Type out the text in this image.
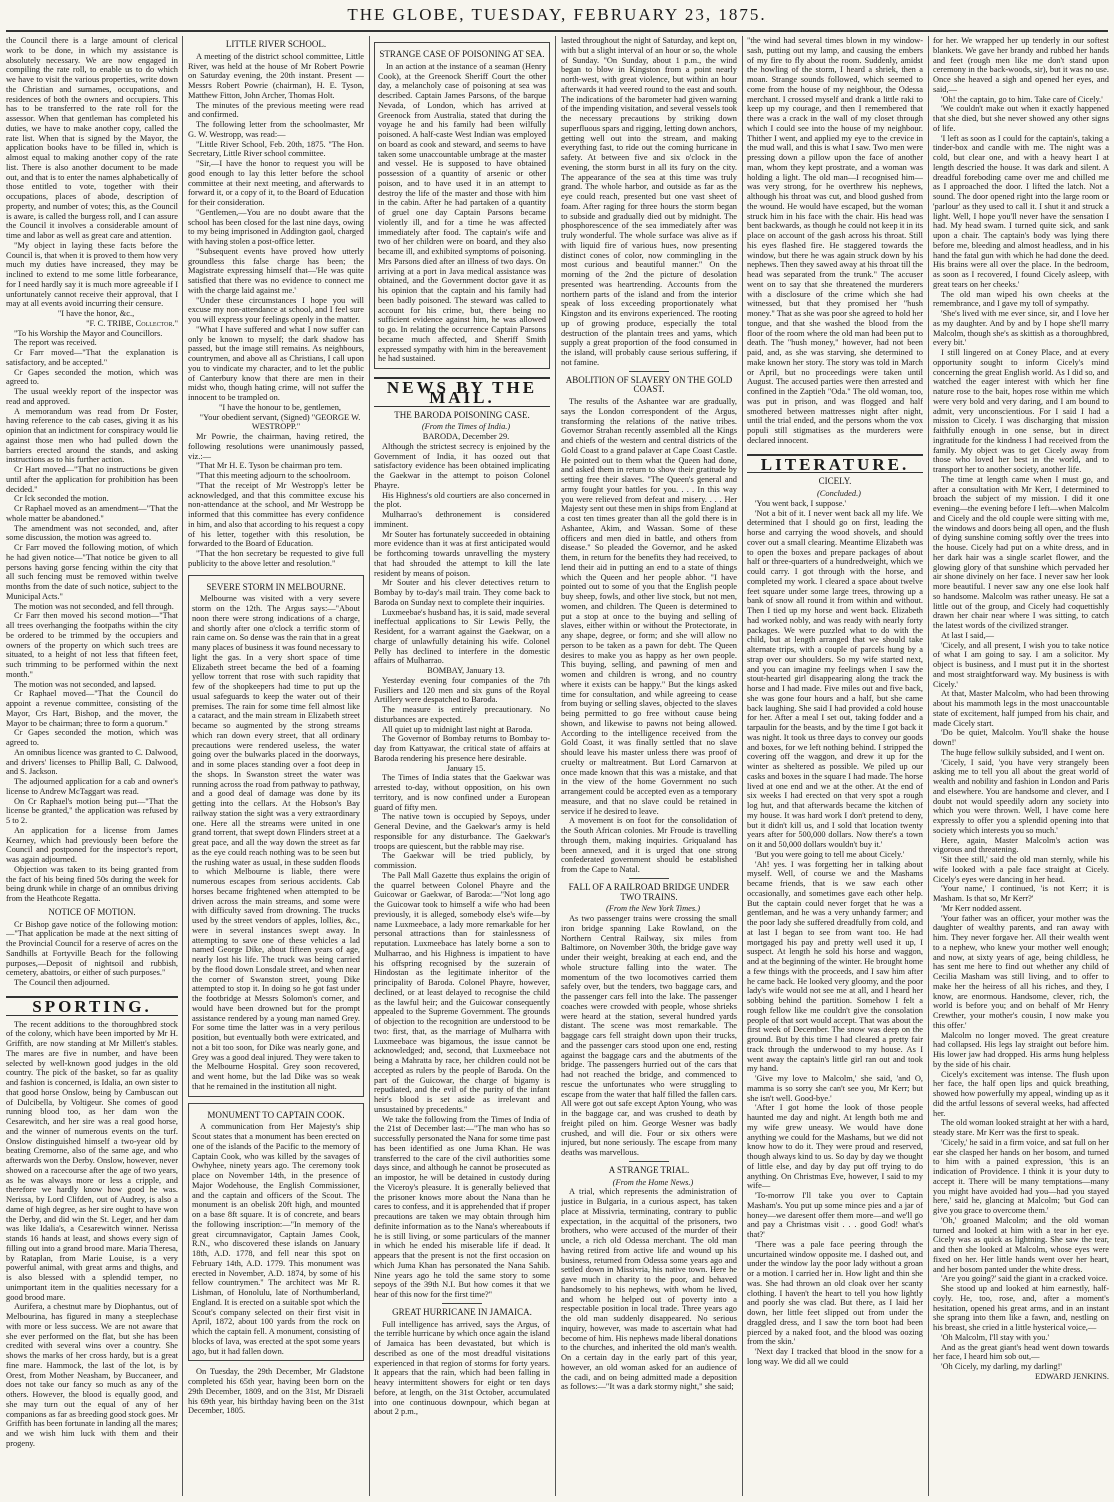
THE GLOBE, TUESDAY, FEBRUARY 23, 1875.

the Council there is a large amount of clerical work to be done, in which my assistance is absolutely necessary. We are now engaged in compiling the rate roll, to enable us to do which we have to visit the various properties, write down the Christian and surnames, occupations, and residences of both the owners and occupiers. This has to be transferred to the rate roll for the assessor. When that gentleman has completed his duties, we have to make another copy, called the rate list. When that is signed by the Mayor, the application books have to be filled in, which is almost equal to making another copy of the rate list. There is also another document to be made out, and that is to enter the names alphabetically of those entitled to vote, together with their occupations, places of abode, description of property, and number of votes; this, as the Council is aware, is called the burgess roll, and I can assure the Council it involves a considerable amount of time and labor as well as great care and attention.

"My object in laying these facts before the Council is, that when it is proved to them how very much my duties have increased, they may be inclined to extend to me some little forbearance, for I need hardly say it is much more agreeable if I unfortunately cannot receive their approval, that I may at all events avoid incurring their censure.

"I have the honor, &c.,

"F. C. TRIBE, Collector."

"To his Worship the Mayor and Councillors.

The report was received.

Cr Farr moved—"That the explanation is satisfactory, and be accepted."

Cr Gapes seconded the motion, which was agreed to.

The usual weekly report of the inspector was read and approved.

A memorandum was read from Dr Foster, having reference to the cab cases, giving it as his opinion that an indictment for conspiracy would lie against those men who had pulled down the barriers erected around the stands, and asking instructions as to his further action.

Cr Hart moved—"That no instructions be given until after the application for prohibition has been decided."

Cr Ick seconded the motion.

Cr Raphael moved as an amendment—"That the whole matter be abandoned."

The amendment was not seconded, and, after some discussion, the motion was agreed to.

Cr Farr moved the following motion, of which he had given notice—"That notice be given to all persons having gorse fencing within the city that all such fencing must be removed within twelve months from the date of such notice, subject to the Municipal Acts."

The motion was not seconded, and fell through.

Cr Farr then moved his second motion—"That all trees overhanging the footpaths within the city be ordered to be trimmed by the occupiers and owners of the property on which such trees are situated, to a height of not less that fifteen feet, such trimming to be performed within the next month."

The motion was not seconded, and lapsed.

Cr Raphael moved—"That the Council do appoint a revenue committee, consisting of the Mayor, Crs Hart, Bishop, and the mover, the Mayor to be chairman; three to form a quorum."

Cr Gapes seconded the motion, which was agreed to.

An omnibus licence was granted to C. Dalwood, and drivers' licenses to Phillip Ball, C. Dalwood, and S. Jackson.

The adjourned application for a cab and owner's license to Andrew McTaggart was read.

On Cr Raphael's motion being put—"That the license be granted," the application was refused by 5 to 2.

An application for a license from James Kearney, which had previously been before the Council and postponed for the inspector's report, was again adjourned.

Objection was taken to its being granted from the fact of his being fined 50s during the week for being drunk while in charge of an omnibus driving from the Heathcote Regatta.

NOTICE OF MOTION.

Cr Bishop gave notice of the following motion:—"That application be made at the next sitting of the Provincial Council for a reserve of acres on the Sandhills at Fortyville Beach for the following purposes,—Deposit of nightsoil and rubbish, cemetery, abattoirs, or either of such purposes."

The Council then adjourned.

SPORTING.

The recent additions to the thoroughbred stock of the colony, which have been imported by Mr H. Griffith, are now standing at Mr Millett's stables. The mares are five in number, and have been selected by well-known good judges in the old country. The pick of the basket, so far as quality and fashion is concerned, is Idalia, an own sister to that good horse Onslow, being by Cambuscan out of Dulcibella, by Voltigeur. She comes of good running blood too, as her dam won the Cesarewitch, and her sire was a real good horse, and the winner of numerous events on the turf. Onslow distinguished himself a two-year old by beating Cremorne, also of the same age, and who afterwards won the Derby. Onslow, however, never showed on a racecourse after the age of two years, as he was always more or less a cripple, and therefore we hardly know how good he was. Nerissa, by Lord Clifden, out of Audrey, is also a dame of high degree, as her sire ought to have won the Derby, and did win the St. Leger, and her dam was like Idalia's, a Cesarewitch winner. Nerissa stands 16 hands at least, and shows every sign of filling out into a grand brood mare. Maria Theresa, by Rataplan, from Marie Louise, is a very powerful animal, with great arms and thighs, and is also blessed with a splendid temper, no unimportant item in the qualities necessary for a good brood mare.

Aurifera, a chestnut mare by Diophantus, out of Melbourina, has figured in many a steeplechase with more or less success. We are not aware that she ever performed on the flat, but she has been credited with several wins over a country. She shows the marks of her cross hardy, but is a great fine mare. Hammock, the last of the lot, is by Orest, from Mother Neasham, by Buccaneer, and does not take our fancy so much as any of the others. However, the blood is equally good, and she may turn out the equal of any of her companions as far as breeding good stock goes. Mr Griffith has been fortunate in landing all the mares; and we wish him luck with them and their progeny.

LITTLE RIVER SCHOOL.

A meeting of the district school committee, Little River, was held at the house of Mr Robert Powrie on Saturday evening, the 20th instant. Present — Messrs Robert Powrie (chairman), H. E. Tyson, Matthew Fitton, John Archer, Thomas Holt.

The minutes of the previous meeting were read and confirmed.

The following letter from the schoolmaster, Mr G. W. Westropp, was read:—

"Little River School, Feb. 20th, 1875. "The Hon. Secretary, Little River school committee.

"Sir,—I have the honor to request you will be good enough to lay this letter before the school committee at their next meeting, and afterwards to forward it, or a copy of it, to the Board of Education for their consideration.

"Gentlemen,—You are no doubt aware that the school has been closed for the last nine days, owing to my being imprisoned in Addington gaol, charged with having stolen a post-office letter.

"Subsequent events have proved how utterly groundless this false charge has been; the Magistrate expressing himself that—'He was quite satisfied that there was no evidence to connect me with the charge laid against me.'

"Under these circumstances I hope you will excuse my non-attendance at school, and I feel sure you will express your feelings openly in the matter.

"What I have suffered and what I now suffer can only be known to myself; the dark shadow has passed, but the image still remains. As neighbours, countrymen, and above all as Christians, I call upon you to vindicate my character, and to let the public of Canterbury know that there are men in their midst who, though hating crime, will not suffer the innocent to be trampled on.

"I have the honour to be, gentlemen,

"Your obedient servant, (Signed) "GEORGE W. WESTROPP."

Mr Powrie, the chairman, having retired, the following resolutions were unanimously passed, viz.:—

"That Mr H. E. Tyson be chairman pro tem.

"That this meeting adjourn to the schoolroom.

"That the receipt of Mr Westropp's letter be acknowledged, and that this committee excuse his non-attendance at the school, and Mr Westropp be informed that this committee has every confidence in him, and also that according to his request a copy of his letter, together with this resolution, be forwarded to the Board of Education.

"That the hon secretary be requested to give full publicity to the above letter and resolution."

SEVERE STORM IN MELBOURNE.

Melbourne was visited with a very severe storm on the 12th. The Argus says:—"About noon there were strong indications of a charge, and shortly after one o'clock a terrific storm of rain came on. So dense was the rain that in a great many places of business it was found necessary to light the gas. In a very short space of time Elizabeth street became the bed of a foaming yellow torrent that rose with such rapidity that few of the shopkeepers had time to put up the usual safeguards to keep the water out of their premises. The rain for some time fell almost like a cataract, and the main stream in Elizabeth street became so augmented by the strong streams which ran down every street, that all ordinary precautions were rendered useless, the water going over the bulwarks placed in the doorways, and in some places standing over a foot deep in the shops. In Swanston street the water was running across the road from pathway to pathway, and a good deal of damage was done by its getting into the cellars. At the Hobson's Bay railway station the sight was a very extraordinary one. Here all the streams were united in one grand torrent, that swept down Flinders street at a great pace, and all the way down the street as far as the eye could reach nothing was to be seen but the rushing water as usual, in these sudden floods to which Melbourne is liable, there were numerous escapes from serious accidents. Cab horses became frightened when attempted to be driven across the main streams, and some were with difficulty saved from drowning. The trucks used by the street vendors of apples, lollies, &c., were in several instances swept away. In attempting to save one of these vehicles a lad named George Dike, about fifteen years of age, nearly lost his life. The truck was being carried by the flood down Lonsdale street, and when near the corner of Swanston street, young Dike attempted to stop it. In doing so he got fast under the footbridge at Messrs Solomon's corner, and would have been drowned but for the prompt assistance rendered by a young man named Grey. For some time the latter was in a very perilous position, but eventually both were extricated, and not a bit too soon, for Dike was nearly gone, and Grey was a good deal injured. They were taken to the Melbourne Hospital. Grey soon recovered, and went home, but the lad Dike was so weak that he remained in the institution all night.

MONUMENT TO CAPTAIN COOK.

A communication from Her Majesty's ship Scout states that a monument has been erected on one of the islands of the Pacific to the memory of Captain Cook, who was killed by the savages of Owhyhee, ninety years ago. The ceremony took place on November 14th, in the presence of Major Wodehouse, the English Commissioner, and the captain and officers of the Scout. The monument is an obelisk 20ft high, and mounted on a base 8ft square. It is of concrete, and bears the following inscription:—"In memory of the great circumnavigator, Captain James Cook, R.N., who discovered these islands on January 18th, A.D. 1778, and fell near this spot on February 14th, A.D. 1779. This monument was erected in November, A.D. 1874, by some of his fellow countrymen." The architect was Mr R. Lishman, of Honolulu, late of Northumberland, England. It is erected on a suitable spot which the Scout's company selected on their first visit in April, 1872, about 100 yards from the rock on which the captain fell. A monument, consisting of blocks of lava, was erected at the spot some years ago, but it had fallen down.

On Tuesday, the 29th December, Mr Gladstone completed his 65th year, having been born on the 29th December, 1809, and on the 31st, Mr Disraeli his 69th year, his birthday having been on the 31st December, 1805.

STRANGE CASE OF POISONING AT SEA.

In an action at the instance of a seaman (Henry Cook), at the Greenock Sheriff Court the other day, a melancholy case of poisoning at sea was described. Captain James Parsons, of the barque Nevada, of London, which has arrived at Greenock from Australia, stated that during the voyage he and his family had been wilfully poisoned. A half-caste West Indian was employed on board as cook and steward, and seems to have taken some unaccountable umbrage at the master and vessel. He is supposed to have obtained possession of a quantity of arsenic or other poison, and to have used it in an attempt to destroy the life of the master and those with him in the cabin. After he had partaken of a quantity of gruel one day Captain Parsons became violently ill, and for a time he was affected immediately after food. The captain's wife and two of her children were on board, and they also became ill, and exhibited symptoms of poisoning. Mrs Parsons died after an illness of two days. On arriving at a port in Java medical assistance was obtained, and the Government doctor gave it as his opinion that the captain and his family had been badly poisoned. The steward was called to account for his crime, but, there being no sufficient evidence against him, he was allowed to go. In relating the occurrence Captain Parsons became much affected, and Sheriff Smith expressed sympathy with him in the bereavement he had sustained.

NEWS BY THE MAIL.
THE BARODA POISONING CASE.

(From the Times of India.)

BARODA, December 29.

Although the strictest secrecy is enjoined by the Government of India, it has oozed out that satisfactory evidence has been obtained implicating the Gaekwar in the attempt to poison Colonel Phayre.

His Highness's old courtiers are also concerned in the plot.

Mulharrao's dethronement is considered imminent.

Mr Souter has fortunately succeeded in obtaining more evidence than it was at first anticipated would be forthcoming towards unravelling the mystery that had shrouded the attempt to kill the late resident by means of poison.

Mr Souter and his clever detectives return to Bombay by to-day's mail train. They come back to Baroda on Sunday next to complete their inquiries.

Luxmeebae's husband has, it is said, made several ineffectual applications to Sir Lewis Pelly, the Resident, for a warrant against the Gaekwar, on a charge of unlawfully detaining his wife. Colonel Pelly has declined to interfere in the domestic affairs of Mulharrao.

BOMBAY, January 13.

Yesterday evening four companies of the 7th Fusiliers and 120 men and six guns of the Royal Artillery were despatched to Baroda.

The measure is entirely precautionary. No disturbances are expected.

All quiet up to midnight last night at Baroda.

The Governor of Bombay returns to Bombay to-day from Kattyawar, the critical state of affairs at Baroda rendering his presence here desirable.

January 15.

The Times of India states that the Gaekwar was arrested to-day, without opposition, on his own territory, and is now confined under a European guard of fifty men.

The native town is occupied by Sepoys, under General Devine, and the Gaekwar's army is held responsible for any disturbance. The Gaekwar's troops are quiescent, but the rabble may rise.

The Gaekwar will be tried publicly, by commission.

The Pall Mall Gazette thus explains the origin of the quarrel between Colonel Phayre and the Guicowar or Gaekwar, of Baroda:—"Not long ago the Guicowar took to himself a wife who had been previously, it is alleged, somebody else's wife—by name Luxmeebace, a lady more remarkable for her personal attractions than for stainlessness of reputation. Luxmeebace has lately borne a son to Mulharrao, and his Highness is impatient to have his offspring recognised by the suzerain of Hindostan as the legitimate inheritor of the principality of Baroda. Colonel Phayre, however, declined, or at least delayed to recognise the child as the lawful heir; and the Guicowar consequently appealed to the Supreme Government. The grounds of objection to the recognition are understood to be two: first, that, as the marriage of Mulharra with Luxmeebace was bigamous, the issue cannot be acknowledged; and, second, that Luxmeebace not being a Mahratta by race, her children could not be accepted as rulers by the people of Baroda. On the part of the Guicowar, the charge of bigamy is repudiated, and the evil of the purity of the infant heir's blood is set aside as irrelevant and unsustained by precedents."

We take the following from the Times of India of the 21st of December last:—"The man who has so successfully personated the Nana for some time past has been identified as one Juma Khan. He was transferred to the care of the civil authorities some days since, and although he cannot be prosecuted as an impostor, he will be detained in custody during the Viceroy's pleasure. It is generally believed that the prisoner knows more about the Nana than he cares to confess, and it is apprehended that if proper precautions are taken we may obtain through him definite information as to the Nana's whereabouts if he is still living, or some particulars of the manner in which he ended his miserable life if dead. It appears that the present is not the first occasion on which Juma Khan has personated the Nana Sahib. Nine years ago he told the same story to some sepoys of the 39th N.I. But how comes it that we hear of this now for the first time?"

GREAT HURRICANE IN JAMAICA.

Full intelligence has arrived, says the Argus, of the terrible hurricane by which once again the island of Jamaica has been devastated, but which is described as one of the most dreadful visitations experienced in that region of storms for forty years. It appears that the rain, which had been falling in heavy intermittent showers for eight or ten days before, at length, on the 31st October, accumulated into one continuous downpour, which began at about 2 p.m.,

lasted throughout the night of Saturday, and kept on, with but a slight interval of an hour or so, the whole of Sunday. "On Sunday, about 1 p.m., the wind began to blow in Kingston from a point nearly north-west, with great violence, but within an hour afterwards it had veered round to the east and south. The indications of the barometer had given warning of the impending visitation, and several vessels took the necessary precautions by striking down superfluous spars and rigging, letting down anchors, getting well out into the stream, and making everything fast, to ride out the coming hurricane in safety. At between five and six o'clock in the evening, the storm burst in all its fury on the city. The appearance of the sea at this time was truly grand. The whole harbor, and outside as far as the eye could reach, presented but one vast sheet of foam. After raging for three hours the storm began to subside and gradually died out by midnight. The phosphorescence of the sea immediately after was truly wonderful. The whole surface was alive as if with liquid fire of various hues, now presenting distinct cones of color, now commingling in the most curious and beautiful manner." On the morning of the 2nd the picture of desolation presented was heartrending. Accounts from the northern parts of the island and from the interior speak of loss exceeding proportionately what Kingston and its environs experienced. The rooting up of growing produce, especially the total destruction of the plantain trees and yams, which supply a great proportion of the food consumed in the island, will probably cause serious suffering, if not famine.

ABOLITION OF SLAVERY ON THE GOLD COAST.

The results of the Ashantee war are gradually, says the London correspondent of the Argus, transforming the relations of the native tribes. Governor Strahan recently assembled all the Kings and chiefs of the western and central districts of the Gold Coast to a grand palaver at Cape Coast Castle. He pointed out to them what the Queen had done, and asked them in return to show their gratitude by setting free their slaves. "The Queen's general and army fought your battles for you. . . . In this way you were relieved from defeat and misery. . . . Her Majesty sent out these men in ships from England at a cost ten times greater than all the gold there is in Ashantee, Akim, and Wassan. Some of these officers and men died in battle, and others from disease." So pleaded the Governor, and he asked them, in return for the benefits they had received, to lend their aid in putting an end to a state of things which the Queen and her people abhor. "I have pointed out to some of you that the English people buy sheep, fowls, and other live stock, but not men, women, and children. The Queen is determined to put a stop at once to the buying and selling of slaves, either within or without the Protectorate, in any shape, degree, or form; and she will allow no person to be taken as a pawn for debt. The Queen desires to make you as happy as her own people. This buying, selling, and pawning of men and women and children is wrong, and no country where it exists can be happy." But the kings asked time for consultation, and while agreeing to cease from buying or selling slaves, objected to the slaves being permitted to go free without cause being shown, and likewise to pawns not being allowed. According to the intelligence received from the Gold Coast, it was finally settled that no slave should leave his master unless there was proof of cruelty or maltreatment. But Lord Carnarvon at once made known that this was a mistake, and that in the view of the home Government no such arrangement could be accepted even as a temporary measure, and that no slave could be retained in service if he desired to leave.

A movement is on foot for the consolidation of the South African colonies. Mr Froude is travelling through them, making inquiries. Griqualand has been annexed, and it is urged that one strong confederated government should be established from the Cape to Natal.

FALL OF A RAILROAD BRIDGE UNDER TWO TRAINS.

(From the New York Times.)

As two passenger trains were crossing the small iron bridge spanning Lake Rowland, on the Northern Central Railway, six miles from Baltimore, on November 30th, the bridge gave way under their weight, breaking at each end, and the whole structure falling into the water. The momentum of the two locomotives carried them safely over, but the tenders, two baggage cars, and the passenger cars fell into the lake. The passenger coaches were crowded with people, whose shrieks were heard at the station, several hundred yards distant. The scene was most remarkable. The baggage cars fell straight down upon their trucks, and the passenger cars stood upon one end, resting against the baggage cars and the abutments of the bridge. The passengers hurried out of the cars that had not reached the bridge, and commenced to rescue the unfortunates who were struggling to escape from the water that half filled the fallen cars. All were got out safe except Apton Young, who was in the baggage car, and was crushed to death by freight piled on him. George Wesner was badly crushed, and will die. Four or six others were injured, but none seriously. The escape from many deaths was marvellous.

A STRANGE TRIAL.

(From the Home News.)

A trial, which represents the administration of justice in Bulgaria, in a curious aspect, has taken place at Missivria, terminating, contrary to public expectation, in the acquittal of the prisoners, two brothers, who were accused of the murder of their uncle, a rich old Odessa merchant. The old man having retired from active life and wound up his business, returned from Odessa some years ago and settled down in Missivria, his native town. Here he gave much in charity to the poor, and behaved handsomely to his nephews, with whom he lived, and whom he helped out of poverty into a respectable position in local trade. Three years ago the old man suddenly disappeared. No serious inquiry, however, was made to ascertain what had become of him. His nephews made liberal donations to the churches, and inherited the old man's wealth. On a certain day in the early part of this year, however, an old woman asked for an audience of the cadi, and on being admitted made a deposition as follows:—"It was a dark stormy night," she said;

"the wind had several times blown in my window-sash, putting out my lamp, and causing the embers of my fire to fly about the room. Suddenly, amidst the howling of the storm, I heard a shriek, then a moan. Strange sounds followed, which seemed to come from the house of my neighbour, the Odessa merchant. I crossed myself and drank a little raki to keep up my courage, and then I remembered that there was a crack in the wall of my closet through which I could see into the house of my neighbour. Thither I went, and applied my eye to the crevice in the mud wall, and this is what I saw. Two men were pressing down a pillow upon the face of another man, whom they kept prostrate, and a woman was holding a light. The old man—I recognised him—was very strong, for he overthrew his nephews, although his throat was cut, and blood gushed from the wound. He would have escaped, but the woman struck him in his face with the chair. His head was bent backwards, as though he could not keep it in its place on account of the gash across his throat. Still his eyes flashed fire. He staggered towards the window, but there he was again struck down by his nephews. Then they sawed away at his throat till the head was separated from the trunk." The accuser went on to say that she threatened the murderers with a disclosure of the crime which she had witnessed, but that they promised her "hush money." That as she was poor she agreed to hold her tongue, and that she washed the blood from the floor of the room where the old man had been put to death. The "hush money," however, had not been paid, and, as she was starving, she determined to make known her story. The story was told in March or April, but no proceedings were taken until August. The accused parties were then arrested and confined in the Zaptieh "Oda." The old woman, too, was put in prison, and was flogged and half smothered between mattresses night after night, until the trial ended, and the persons whom the vox populi still stigmatises as the murderers were declared innocent.

LITERATURE.
CICELY.

(Concluded.)

'You went back, I suppose.'

'Not a bit of it. I never went back all my life. We determined that I should go on first, leading the horse and carrying the wood shovels, and should cover out a small clearing. Meantime Elizabeth was to open the boxes and prepare packages of about half or three-quarters of a hundredweight, which we could carry. I got through with the horse, and completed my work. I cleared a space about twelve feet square under some large trees, throwing up a bank of snow all round it from within and without. Then I tied up my horse and went back. Elizabeth had worked nobly, and was ready with nearly forty packages. We were puzzled what to do with the child, but at length arranged that we should take alternate trips, with a couple of parcels hung by a strap over our shoulders. So my wife started next, and you can imagine my feelings when I saw the stout-hearted girl disappearing along the track the horse and I had made. Five miles out and five back, she was gone four hours and a half, but she came back laughing. She said I had provided a cold house for her. After a meal I set out, taking fodder and a tarpaulin for the beasts, and by the time I got back it was night. It took us three days to convey our goods and boxes, for we left nothing behind. I stripped the covering off the waggon, and drew it up for the winter as sheltered as possible. We piled up our casks and boxes in the square I had made. The horse lived at one end and we at the other. At the end of six weeks I had erected on that very spot a rough log hut, and that afterwards became the kitchen of my house. It was hard work I don't pretend to deny, but it didn't kill us, and I sold that location twenty years after for 500,000 dollars. Now there's a town on it and 50,000 dollars wouldn't buy it.'

'But you were going to tell me about Cicely.'

'Ah! yes. I was forgetting her in talking about myself. Well, of course we and the Mashams became friends, that is we saw each other occasionally, and sometimes gave each other help. But the captain could never forget that he was a gentleman, and he was a very unhandy farmer; and the poor lady she suffered dreadfully from cold, and at last I began to see from want too. He had mortgaged his pay and pretty well used it up, I suspect. At length he sold his horse and waggon, and at the beginning of the winter. He brought home a few things with the proceeds, and I saw him after he came back. He looked very gloomy, and the poor lady's wife would not see me at all, and I heard her sobbing behind the partition. Somehow I felt a rough fellow like me couldn't give the consolation people of that sort would accept. That was about the first week of December. The snow was deep on the ground. But by this time I had cleared a pretty fair track through the underwood to my house. As I went away the captain's little girl ran out and took my hand.

'Give my love to Malcolm,' she said, 'and O, mamma is so sorry she can't see you, Mr Kerr; but she isn't well. Good-bye.'

'After I got home the look of those people haunted me day and night. At length both me and my wife grew uneasy. We would have done anything we could for the Mashams, but we did not know how to do it. They were proud and reserved, though always kind to us. So day by day we thought of little else, and day by day put off trying to do anything. On Christmas Eve, however, I said to my wife—

'To-morrow I'll take you over to Captain Masham's. You put up some mince pies and a jar of honey—we daresent offer them more—and we'll go and pay a Christmas visit . . . good God! what's that?'

'There was a pale face peering through the uncurtained window opposite me. I dashed out, and under the window lay the poor lady without a groan or a motion. I carried her in. How light and thin she was. She had thrown an old cloak over her scanty clothing. I haven't the heart to tell you how lightly and poorly she was clad. But there, as I laid her down, her little feet slipped out from under the draggled dress, and I saw the torn boot had been pierced by a naked foot, and the blood was oozing from the skin.'

'Next day I tracked that blood in the snow for a long way. We did all we could

for her. We wrapped her up tenderly in our softest blankets. We gave her brandy and rubbed her hands and feet (rough men like me don't stand upon ceremony in the back-woods, sir), but it was no use. Once she heaved a sigh and opened her eyes, and said,—

'Oh! the captain, go to him. Take care of Cicely.'

'We couldn't make out when it exactly happened that she died, but she never showed any other signs of life.

'I left as soon as I could for the captain's, taking a tinder-box and candle with me. The night was a cold, but clear one, and with a heavy heart I at length descried the house. It was dark and silent. A dreadful foreboding came over me and chilled me as I approached the door. I lifted the latch. Not a sound. The door opened right into the large room or 'parlour' as they used to call it. I shut it and struck a light. Well, I hope you'll never have the sensation I had. My head swam. I turned quite sick, and sank upon a chair. The captain's body was lying there before me, bleeding and almost headless, and in his hand the fatal gun with which he had done the deed. His brains were all over the place. In the bedroom, as soon as I recovered, I found Cicely asleep, with great tears on her cheeks.'

The old man wiped his own cheeks at the remembrance, and I gave my toll of sympathy.

'She's lived with me ever since, sir, and I love her as my daughter. And by and by I hope she'll marry Malcolm, though she's as skittish as a thoroughbred, every bit.'

I still lingered on at Coney Place, and at every opportunity sought to inform Cicely's mind concerning the great English world. As I did so, and watched the eager interest with which her fine nature rose to the bait, hopes rose within me which were very bold and very daring, and I am bound to admit, very unconscientious. For I said I had a mission to Cicely. I was discharging that mission faithfully enough in one sense, but in direct ingratitude for the kindness I had received from the family. My object was to get Cicely away from those who loved her best in the world, and to transport her to another society, another life.

The time at length came when I must go, and after a consultation with Mr Kerr, I determined to broach the subject of my mission. I did it one evening—the evening before I left—when Malcolm and Cicely and the old couple were sitting with me, the windows and doors being all open, and the flush of dying sunshine coming softly over the trees into the house. Cicely had put on a white dress, and in her dark hair was a single scarlet flower, and the glowing glory of that sunshine which pervaded her air shone divinely on her face. I never saw her look more beautiful. I never saw any one else look half so handsome. Malcolm was rather uneasy. He sat a little out of the group, and Cicely had coquettishly drawn her chair near where I was sitting, to catch the latest words of the civilized stranger.

At last I said,—

'Cicely, and all present, I wish you to take notice of what I am going to say. I am a solicitor. My object is business, and I must put it in the shortest and most straightforward way. My business is with Cicely.'

At that, Master Malcolm, who had been throwing about his mammoth legs in the most unaccountable state of excitement, half jumped from his chair, and made Cicely start.

'Do be quiet, Malcolm. You'll shake the house down!'

The huge fellow sulkily subsided, and I went on.

'Cicely, I said, 'you have very strangely been asking me to tell you all about the great world of wealth and nobility and fashion in London and Paris and elsewhere. You are handsome and clever, and I doubt not would speedily adorn any society into which you were thrown. Well, I have come here expressly to offer you a splendid opening into that society which interests you so much.'

Here, again, Master Malcolm's action was vigorous and threatening.

'Sit thee still,' said the old man sternly, while his wife looked with a pale face straight at Cicely. Cicely's eyes were dancing in her head.

'Your name,' I continued, 'is not Kerr; it is Masham. Is that so, Mr Kerr?'

'Mr Kerr nodded assent.

'Your father was an officer, your mother was the daughter of wealthy parents, and ran away with him. They never forgave her. All their wealth went to a nephew, who knew your mother well enough; and now, at sixty years of age, being childless, he has sent me here to find out whether any child of Cecilia Masham was still living, and to offer to make her the heiress of all his riches, and they, I know, are enormous. Handsome, clever, rich, the world is before you; and on behalf of Mr Henry Crewther, your mother's cousin, I now make you this offer.'

Malcolm no longer moved. The great creature had collapsed. His legs lay straight out before him. His lower jaw had dropped. His arms hung helpless by the side of his chair.

Cicely's excitement was intense. The flush upon her face, the half open lips and quick breathing, showed how powerfully my appeal, winding up as it did the artful lessons of several weeks, had affected her.

The old woman looked straight at her with a hard, steady stare. Mr Kerr was the first to speak.

'Cicely,' he said in a firm voice, and sat full on her ear she clasped her hands on her bosom, and turned to him with a pained expression, 'this is an indication of Providence. I think it is your duty to accept it. There will be many temptations—many you might have avoided had you—had you stayed here,' said he, glancing at Malcolm; 'but God can give you grace to overcome them.'

'Oh,' groaned Malcolm; and the old woman turned and looked at him with a tear in her eye. Cicely was as quick as lightning. She saw the tear, and then she looked at Malcolm, whose eyes were fixed on her. Her little hands went over her heart, and her bosom panted under the white dress.

'Are you going?' said the giant in a cracked voice.

She stood up and looked at him earnestly, half-coyly. He, too, rose, and, after a moment's hesitation, opened his great arms, and in an instant she sprang into them like a fawn, and, nestling on his breast, she cried in a little hysterical voice,—

'Oh Malcolm, I'll stay with you.'

And as the great giant's head went down towards her face, I heard him sob out,—

'Oh Cicely, my darling, my darling!'

EDWARD JENKINS.
